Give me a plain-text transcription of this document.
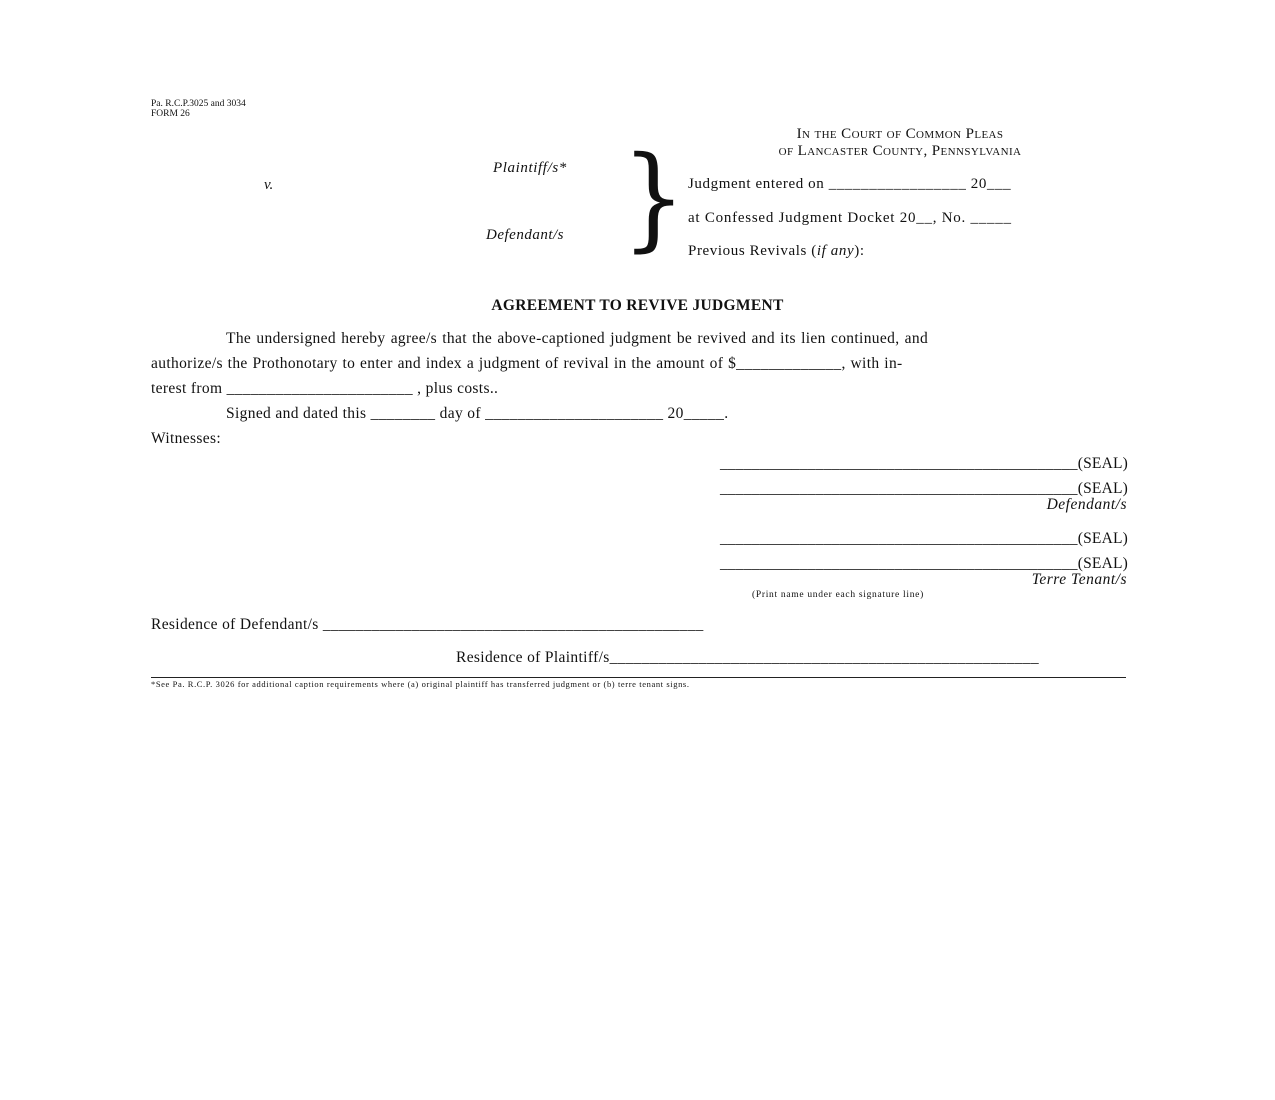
Pa. R.C.P.3025 and 3034
FORM 26
Plaintiff/s*
v.
Defendant/s }	In the Court of Common Pleas
of Lancaster County, Pennsylvania
Judgment entered on _________________ 20___
at Confessed Judgment Docket 20__, No. _____
Previous Revivals (if any):
AGREEMENT TO REVIVE JUDGMENT
The undersigned hereby agree/s that the above-captioned judgment be revived and its lien continued, and
authorize/s the Prothonotary to enter and index a judgment of revival in the amount of $_____________, with in-
terest from _______________________ , plus costs..
Signed and dated this ________ day of ______________________ 20_____.
Witnesses:
_____________________________________________(SEAL)
_____________________________________________(SEAL)
Defendant/s
_____________________________________________(SEAL)
_____________________________________________(SEAL)
Terre Tenant/s
(Print name under each signature line)
Residence of Defendant/s _______________________________________________
Residence of Plaintiff/s_____________________________________________________
*See Pa. R.C.P. 3026 for additional caption requirements where (a) original plaintiff has transferred judgment or (b) terre tenant signs.
